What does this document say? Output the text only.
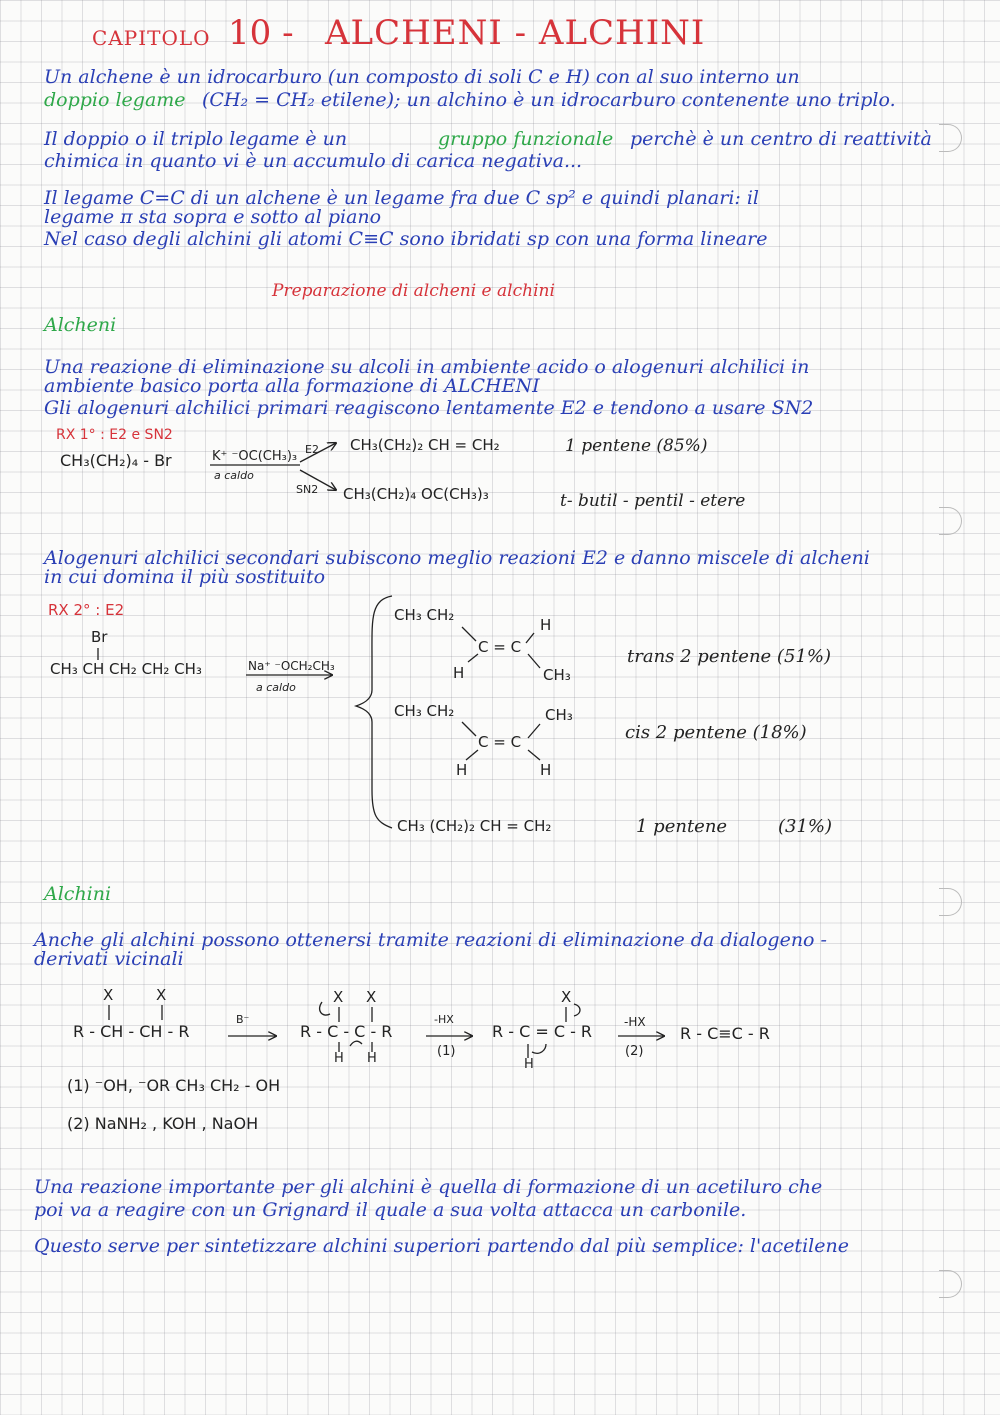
CAPITOLO 10 - ALCHENI - ALCHINI
Un alchene è un idrocarburo (un composto di soli C e H) con al suo interno un
doppio legame (CH₂ = CH₂ etilene); un alchino è un idrocarburo contenente uno triplo.
Il doppio o il triplo legame è un	gruppo funzionale perchè è un centro di reattività
chimica in quanto vi è un accumulo di carica negativa...
Il legame C=C di un alchene è un legame fra due C sp² e quindi planari: il
legame π sta sopra e sotto al piano
Nel caso degli alchini gli atomi C≡C sono ibridati sp con una forma lineare
Preparazione di alcheni e alchini
Alcheni
Una reazione di eliminazione su alcoli in ambiente acido o alogenuri alchilici in
ambiente basico porta alla formazione di ALCHENI
Gli alogenuri alchilici primari reagiscono lentamente E2 e tendono a usare SN2
RX 1° : E2 e SN2
CH₃(CH₂)₄ - Br	K⁺ ⁻OC(CH₃)₃
a caldo
E2
SN2
CH₃(CH₂)₂ CH = CH₂	1 pentene (85%)
CH₃(CH₂)₄ OC(CH₃)₃	t- butil - pentil - etere
Alogenuri alchilici secondari subiscono meglio reazioni E2 e danno miscele di alcheni
in cui domina il più sostituito
RX 2° : E2
Br
CH₃ CH CH₂ CH₂ CH₃	Na⁺ ⁻OCH₂CH₃
a caldo
CH₃ CH₂
H
C = C
H	CH₃
trans 2 pentene (51%)
CH₃ CH₂	CH₃
C = C
H	H
cis 2 pentene (18%)
CH₃ (CH₂)₂ CH = CH₂	1 pentene	(31%)
Alchini
Anche gli alchini possono ottenersi tramite reazioni di eliminazione da dialogeno -
derivati vicinali
X	X
R - CH - CH - R
B⁻
X X
R - C - C - R
H H
-HX
(1)
X
R - C = C - R
H
-HX
(2)
R - C≡C - R
(1) ⁻OH, ⁻OR CH₃ CH₂ - OH
(2) NaNH₂ , KOH , NaOH
Una reazione importante per gli alchini è quella di formazione di un acetiluro che
poi va a reagire con un Grignard il quale a sua volta attacca un carbonile.
Questo serve per sintetizzare alchini superiori partendo dal più semplice: l'acetilene
